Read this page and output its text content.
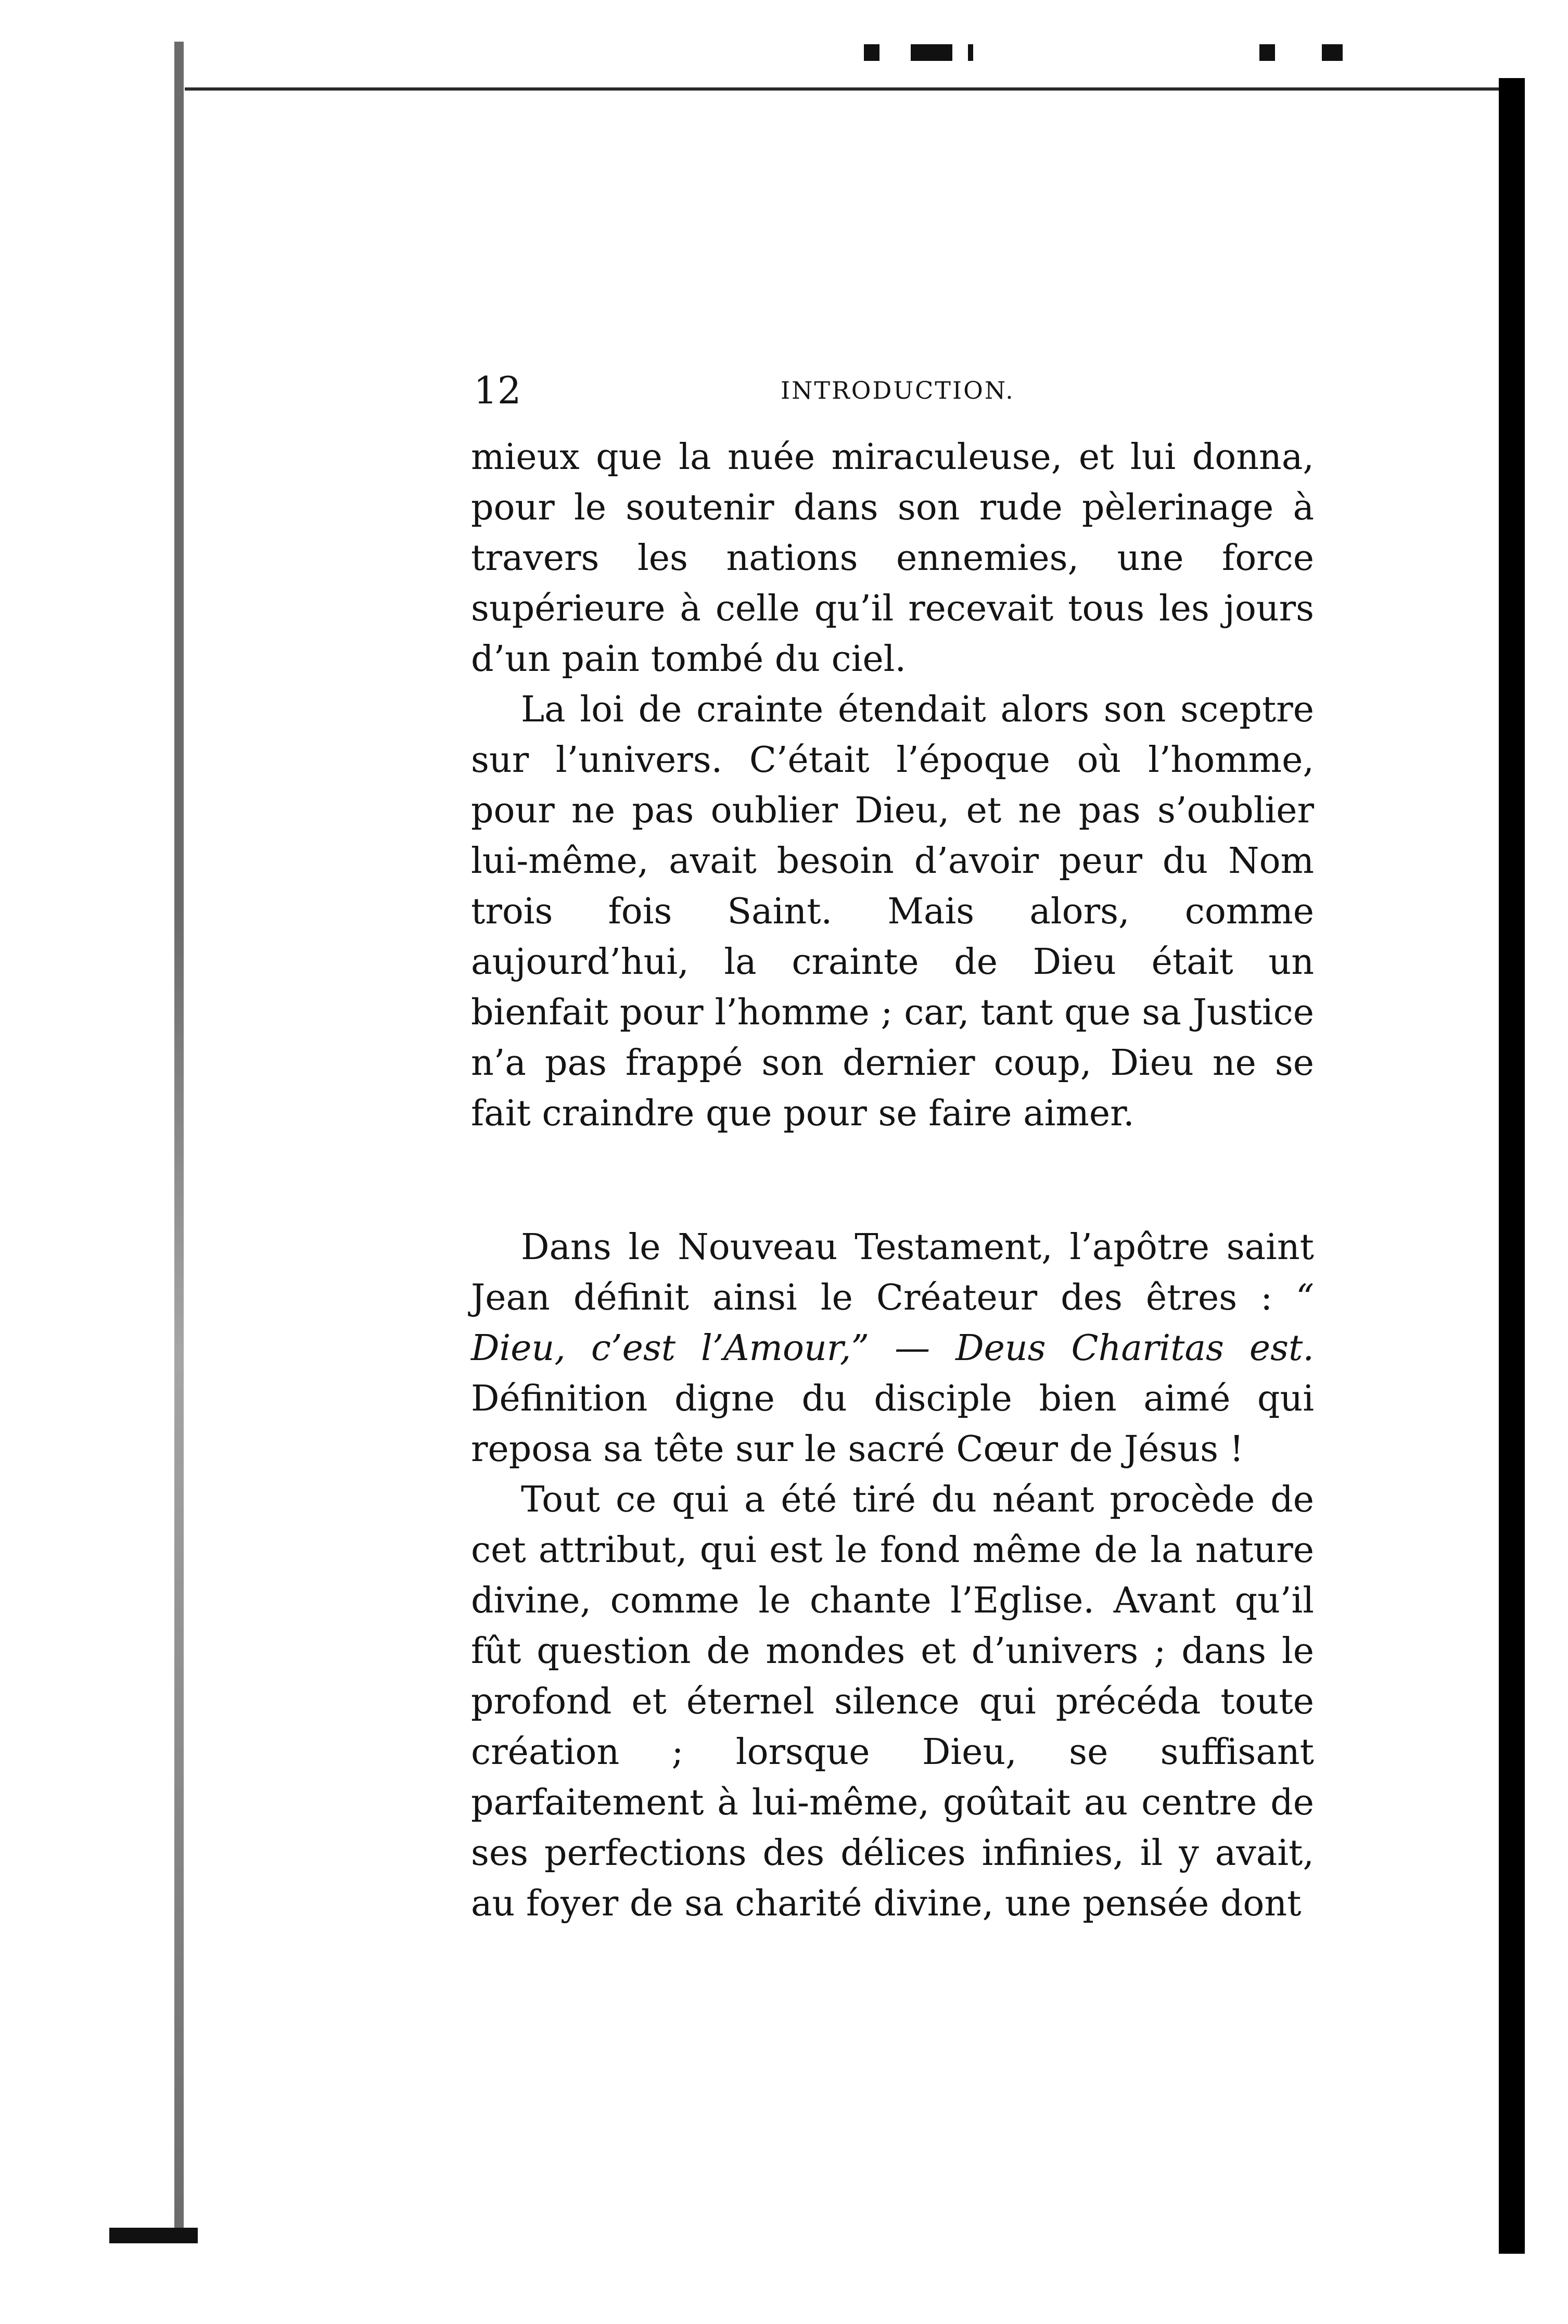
12	INTRODUCTION.

mieux que la nuée miraculeuse, et lui donna, pour le soutenir dans son rude pèlerinage à travers les nations ennemies, une force supérieure à celle qu’il recevait tous les jours d’un pain tombé du ciel.

La loi de crainte étendait alors son sceptre sur l’univers. C’était l’époque où l’homme, pour ne pas oublier Dieu, et ne pas s’oublier lui-même, avait besoin d’avoir peur du Nom trois fois Saint. Mais alors, comme aujourd’hui, la crainte de Dieu était un bienfait pour l’homme ; car, tant que sa Justice n’a pas frappé son dernier coup, Dieu ne se fait craindre que pour se faire aimer.

Dans le Nouveau Testament, l’apôtre saint Jean définit ainsi le Créateur des êtres : “ Dieu, c’est l’Amour,” — Deus Charitas est. Définition digne du disciple bien aimé qui reposa sa tête sur le sacré Cœur de Jésus !

Tout ce qui a été tiré du néant procède de cet attribut, qui est le fond même de la nature divine, comme le chante l’Eglise. Avant qu’il fût question de mondes et d’univers ; dans le profond et éternel silence qui précéda toute création ; lorsque Dieu, se suffisant parfaitement à lui-même, goûtait au centre de ses perfections des délices infinies, il y avait, au foyer de sa charité divine, une pensée dont
